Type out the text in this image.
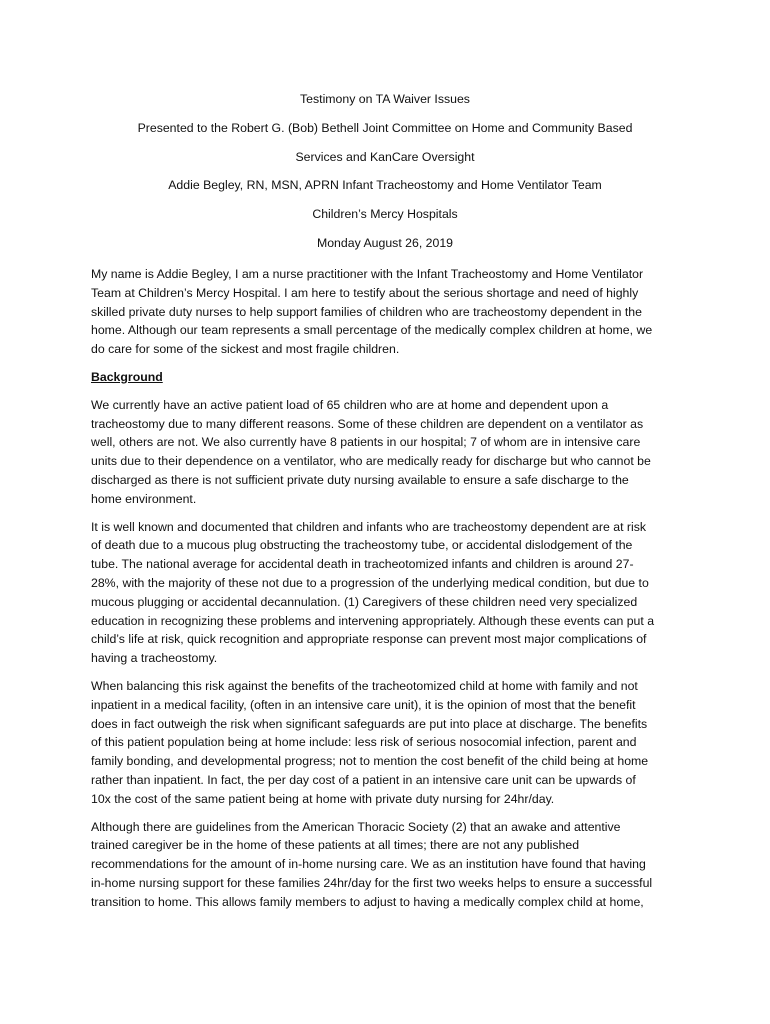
Testimony on TA Waiver Issues
Presented to the Robert G. (Bob) Bethell Joint Committee on Home and Community Based
Services and KanCare Oversight
Addie Begley, RN, MSN, APRN Infant Tracheostomy and Home Ventilator Team
Children’s Mercy Hospitals
Monday August 26, 2019
My name is Addie Begley, I am a nurse practitioner with the Infant Tracheostomy and Home Ventilator
Team at Children’s Mercy Hospital. I am here to testify about the serious shortage and need of highly
skilled private duty nurses to help support families of children who are tracheostomy dependent in the
home. Although our team represents a small percentage of the medically complex children at home, we
do care for some of the sickest and most fragile children.
Background
We currently have an active patient load of 65 children who are at home and dependent upon a
tracheostomy due to many different reasons. Some of these children are dependent on a ventilator as
well, others are not. We also currently have 8 patients in our hospital; 7 of whom are in intensive care
units due to their dependence on a ventilator, who are medically ready for discharge but who cannot be
discharged as there is not sufficient private duty nursing available to ensure a safe discharge to the
home environment.
It is well known and documented that children and infants who are tracheostomy dependent are at risk
of death due to a mucous plug obstructing the tracheostomy tube, or accidental dislodgement of the
tube. The national average for accidental death in tracheotomized infants and children is around 27-
28%, with the majority of these not due to a progression of the underlying medical condition, but due to
mucous plugging or accidental decannulation. (1) Caregivers of these children need very specialized
education in recognizing these problems and intervening appropriately. Although these events can put a
child’s life at risk, quick recognition and appropriate response can prevent most major complications of
having a tracheostomy.
When balancing this risk against the benefits of the tracheotomized child at home with family and not
inpatient in a medical facility, (often in an intensive care unit), it is the opinion of most that the benefit
does in fact outweigh the risk when significant safeguards are put into place at discharge. The benefits
of this patient population being at home include: less risk of serious nosocomial infection, parent and
family bonding, and developmental progress; not to mention the cost benefit of the child being at home
rather than inpatient. In fact, the per day cost of a patient in an intensive care unit can be upwards of
10x the cost of the same patient being at home with private duty nursing for 24hr/day.
Although there are guidelines from the American Thoracic Society (2) that an awake and attentive
trained caregiver be in the home of these patients at all times; there are not any published
recommendations for the amount of in-home nursing care. We as an institution have found that having
in-home nursing support for these families 24hr/day for the first two weeks helps to ensure a successful
transition to home. This allows family members to adjust to having a medically complex child at home,
